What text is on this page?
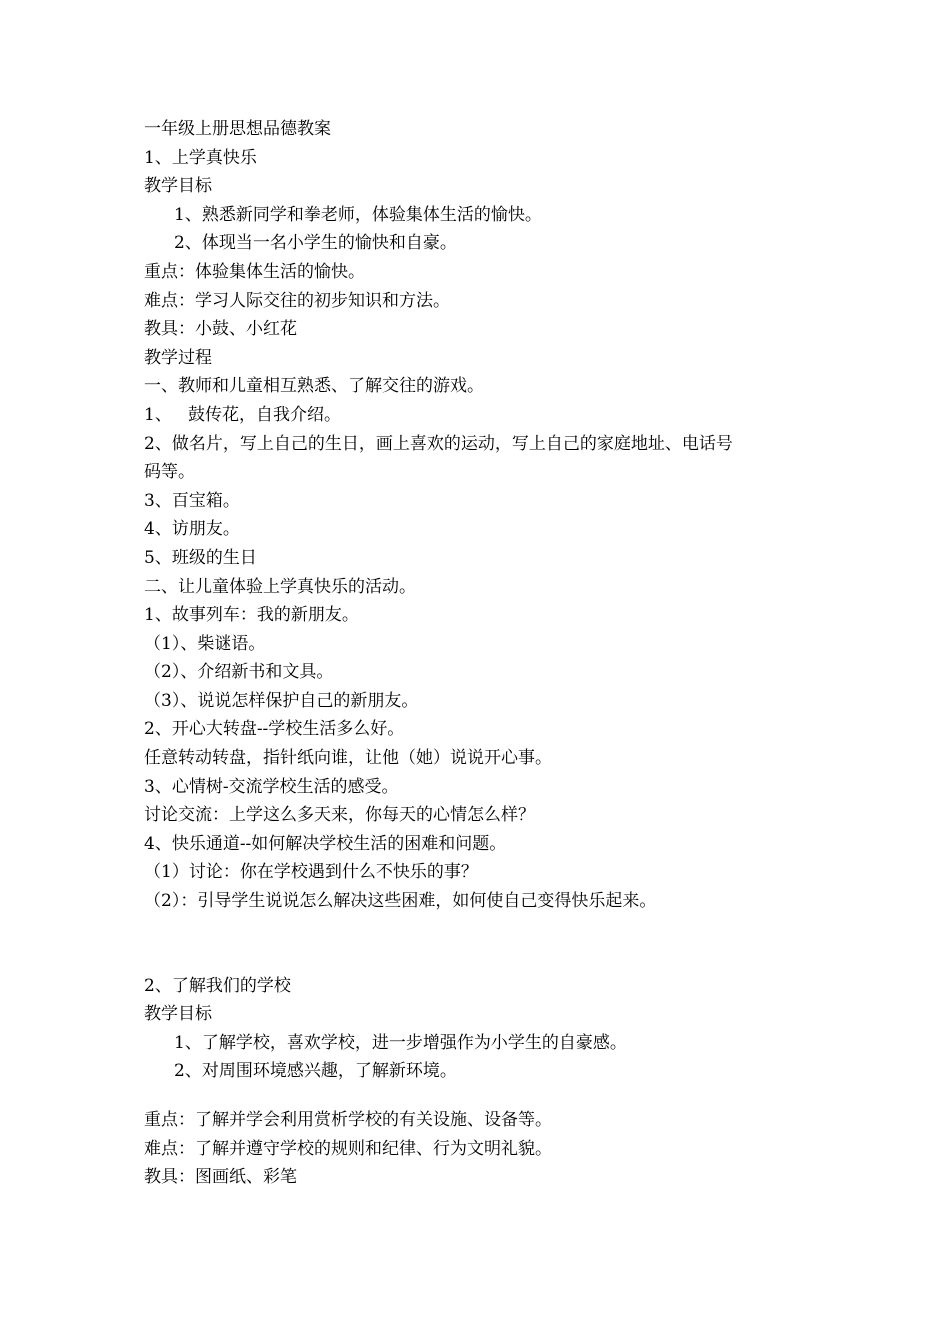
一年级上册思想品德教案
1、上学真快乐
教学目标
1、熟悉新同学和拳老师，体验集体生活的愉快。
2、体现当一名小学生的愉快和自豪。
重点：体验集体生活的愉快。
难点：学习人际交往的初步知识和方法。
教具：小鼓、小红花
教学过程
一、教师和儿童相互熟悉、了解交往的游戏。
1、   鼓传花，自我介绍。
2、做名片，写上自己的生日，画上喜欢的运动，写上自己的家庭地址、电话号
码等。
3、百宝箱。
4、访朋友。
5、班级的生日
二、让儿童体验上学真快乐的活动。
1、故事列车：我的新朋友。
（1）、柴谜语。
（2）、介绍新书和文具。
（3）、说说怎样保护自己的新朋友。
2、开心大转盘--学校生活多么好。
任意转动转盘，指针纸向谁，让他（她）说说开心事。
3、心情树-交流学校生活的感受。
讨论交流：上学这么多天来，你每天的心情怎么样？
4、快乐通道--如何解决学校生活的困难和问题。
（1）讨论：你在学校遇到什么不快乐的事？
（2）：引导学生说说怎么解决这些困难，如何使自己变得快乐起来。
2、了解我们的学校
教学目标
1、了解学校，喜欢学校，进一步增强作为小学生的自豪感。
2、对周围环境感兴趣，了解新环境。
重点：了解并学会利用赏析学校的有关设施、设备等。
难点：了解并遵守学校的规则和纪律、行为文明礼貌。
教具：图画纸、彩笔
